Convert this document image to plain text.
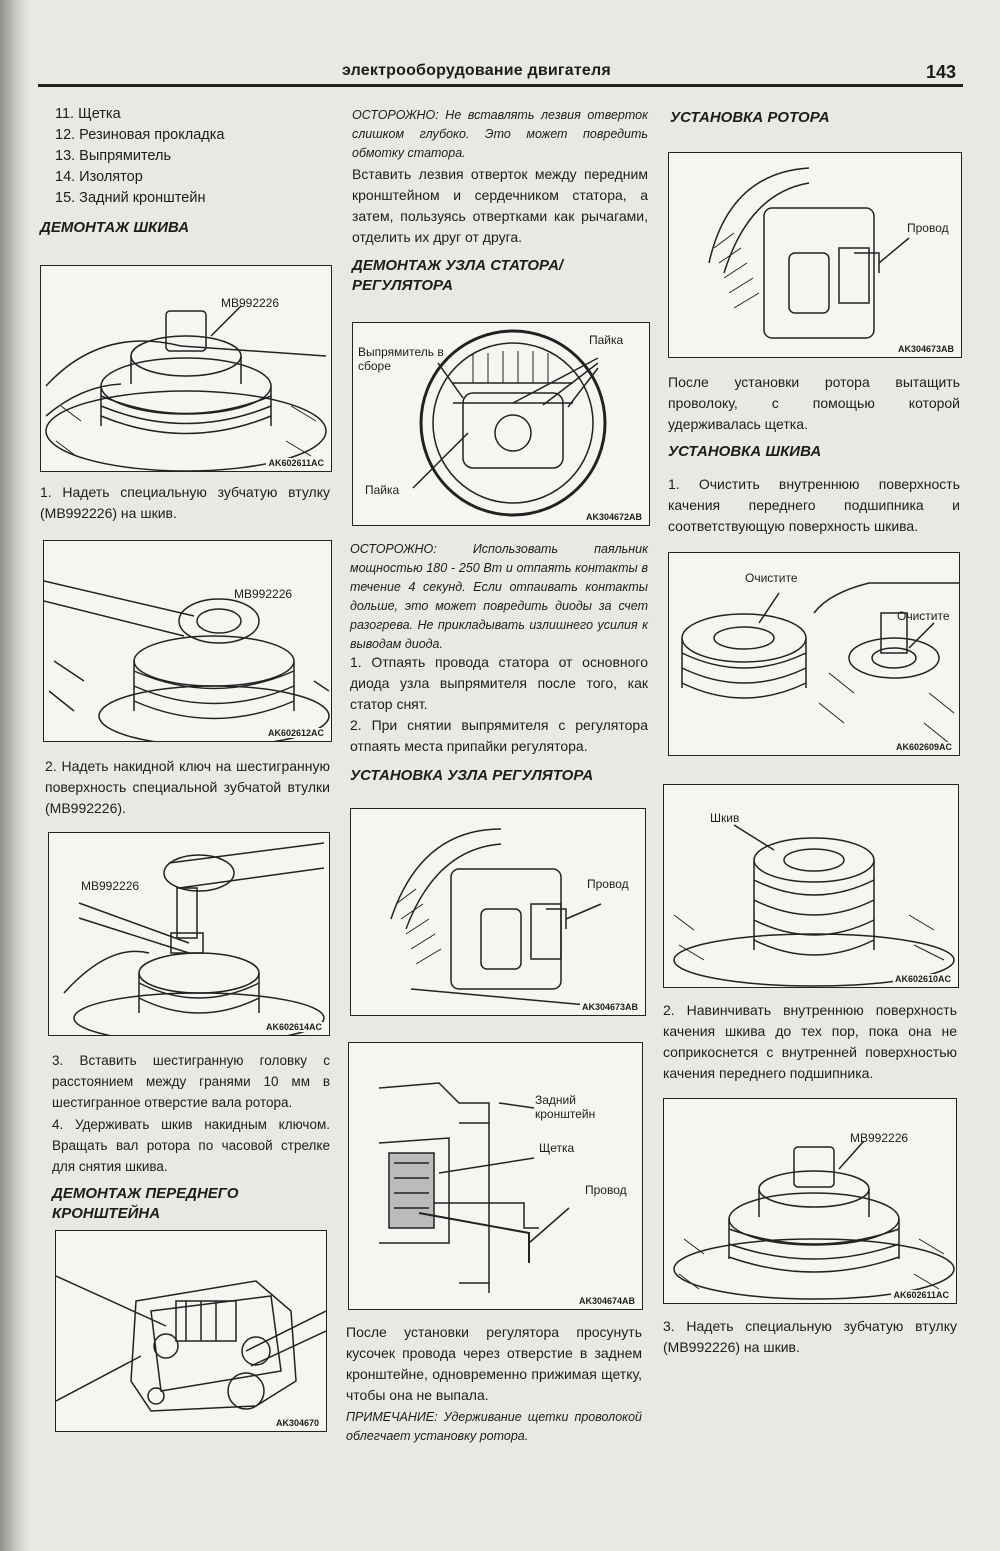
электрооборудование двигателя	143
11. Щетка
12. Резиновая прокладка
13. Выпрямитель
14. Изолятор
15. Задний кронштейн
ДЕМОНТАЖ ШКИВА
MB992226
AK602611AC
1. Надеть специальную зубчатую втулку (MB992226) на шкив.
MB992226
AK602612AC
2. Надеть накидной ключ на шестигранную поверхность специальной зубчатой втулки (MB992226).
MB992226
AK602614AC
3. Вставить шестигранную головку с расстоянием между гранями 10 мм в шестигранное отверстие вала ротора.
4. Удерживать шкив накидным ключом. Вращать вал ротора по часовой стрелке для снятия шкива.
ДЕМОНТАЖ ПЕРЕДНЕГО КРОНШТЕЙНА
AK304670
ОСТОРОЖНО: Не вставлять лезвия отверток слишком глубоко. Это может повредить обмотку статора.
Вставить лезвия отверток между передним кронштейном и сердечником статора, а затем, пользуясь отвертками как рычагами, отделить их друг от друга.
ДЕМОНТАЖ УЗЛА СТАТОРА/РЕГУЛЯТОРА
Выпрямитель в сборе
Пайка
Пайка
AK304672AB
ОСТОРОЖНО: Использовать паяльник мощностью 180 - 250 Вт и отпаять контакты в течение 4 секунд. Если отпаивать контакты дольше, это может повредить диоды за счет разогрева. Не прикладывать излишнего усилия к выводам диода.
1. Отпаять провода статора от основного диода узла выпрямителя после того, как статор снят.
2. При снятии выпрямителя с регулятора отпаять места припайки регулятора.
УСТАНОВКА УЗЛА РЕГУЛЯТОРА
Провод
AK304673AB
Задний кронштейн
Щетка
Провод
AK304674AB
После установки регулятора просунуть кусочек провода через отверстие в заднем кронштейне, одновременно прижимая щетку, чтобы она не выпала.
ПРИМЕЧАНИЕ: Удерживание щетки проволокой облегчает установку ротора.
УСТАНОВКА РОТОРА
Провод
AK304673AB
После установки ротора вытащить проволоку, с помощью которой удерживалась щетка.
УСТАНОВКА ШКИВА
1. Очистить внутреннюю поверхность качения переднего подшипника и соответствующую поверхность шкива.
Очистите
Очистите
AK602609AC
Шкив
AK602610AC
2. Навинчивать внутреннюю поверхность качения шкива до тех пор, пока она не соприкоснется с внутренней поверхностью качения переднего подшипника.
MB992226
AK602611AC
3. Надеть специальную зубчатую втулку (MB992226) на шкив.
